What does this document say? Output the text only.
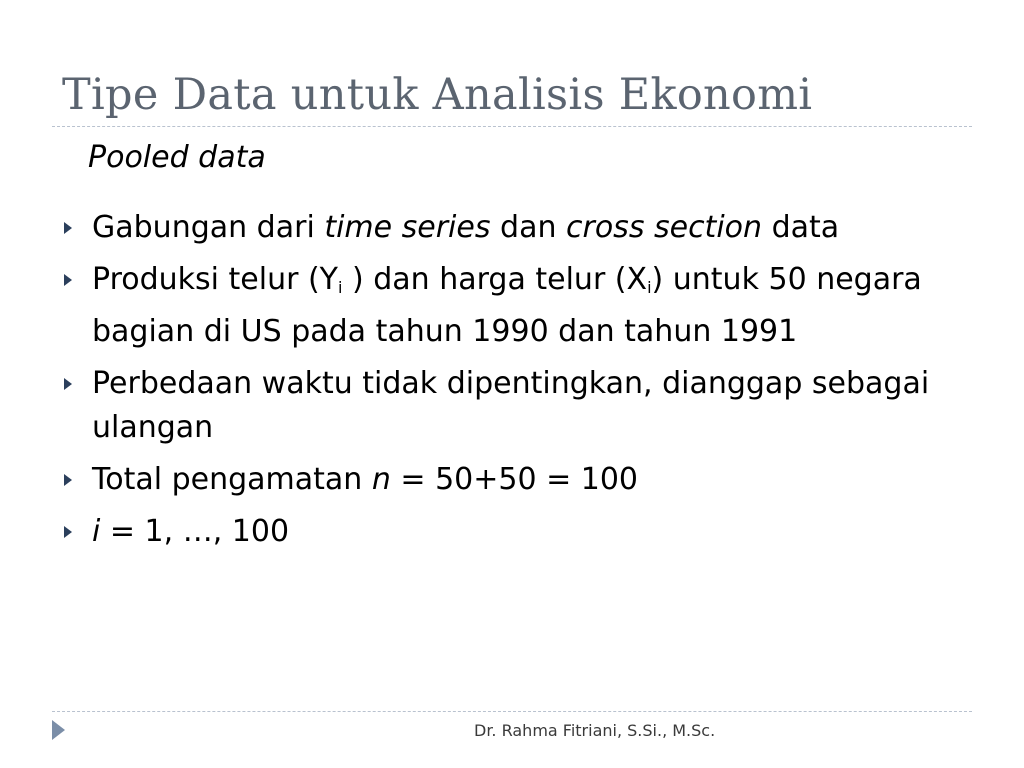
Tipe Data untuk Analisis Ekonomi
Pooled data
Gabungan dari time series dan cross section data
Produksi telur ($Y_i$ ) dan harga telur $(X_i)$ untuk 50 negara bagian di US pada tahun 1990 dan tahun 1991
Perbedaan waktu tidak dipentingkan, dianggap sebagai ulangan
Total pengamatan n = 50+50 = 100
i = 1, …, 100
Dr. Rahma Fitriani, S.Si., M.Sc.
